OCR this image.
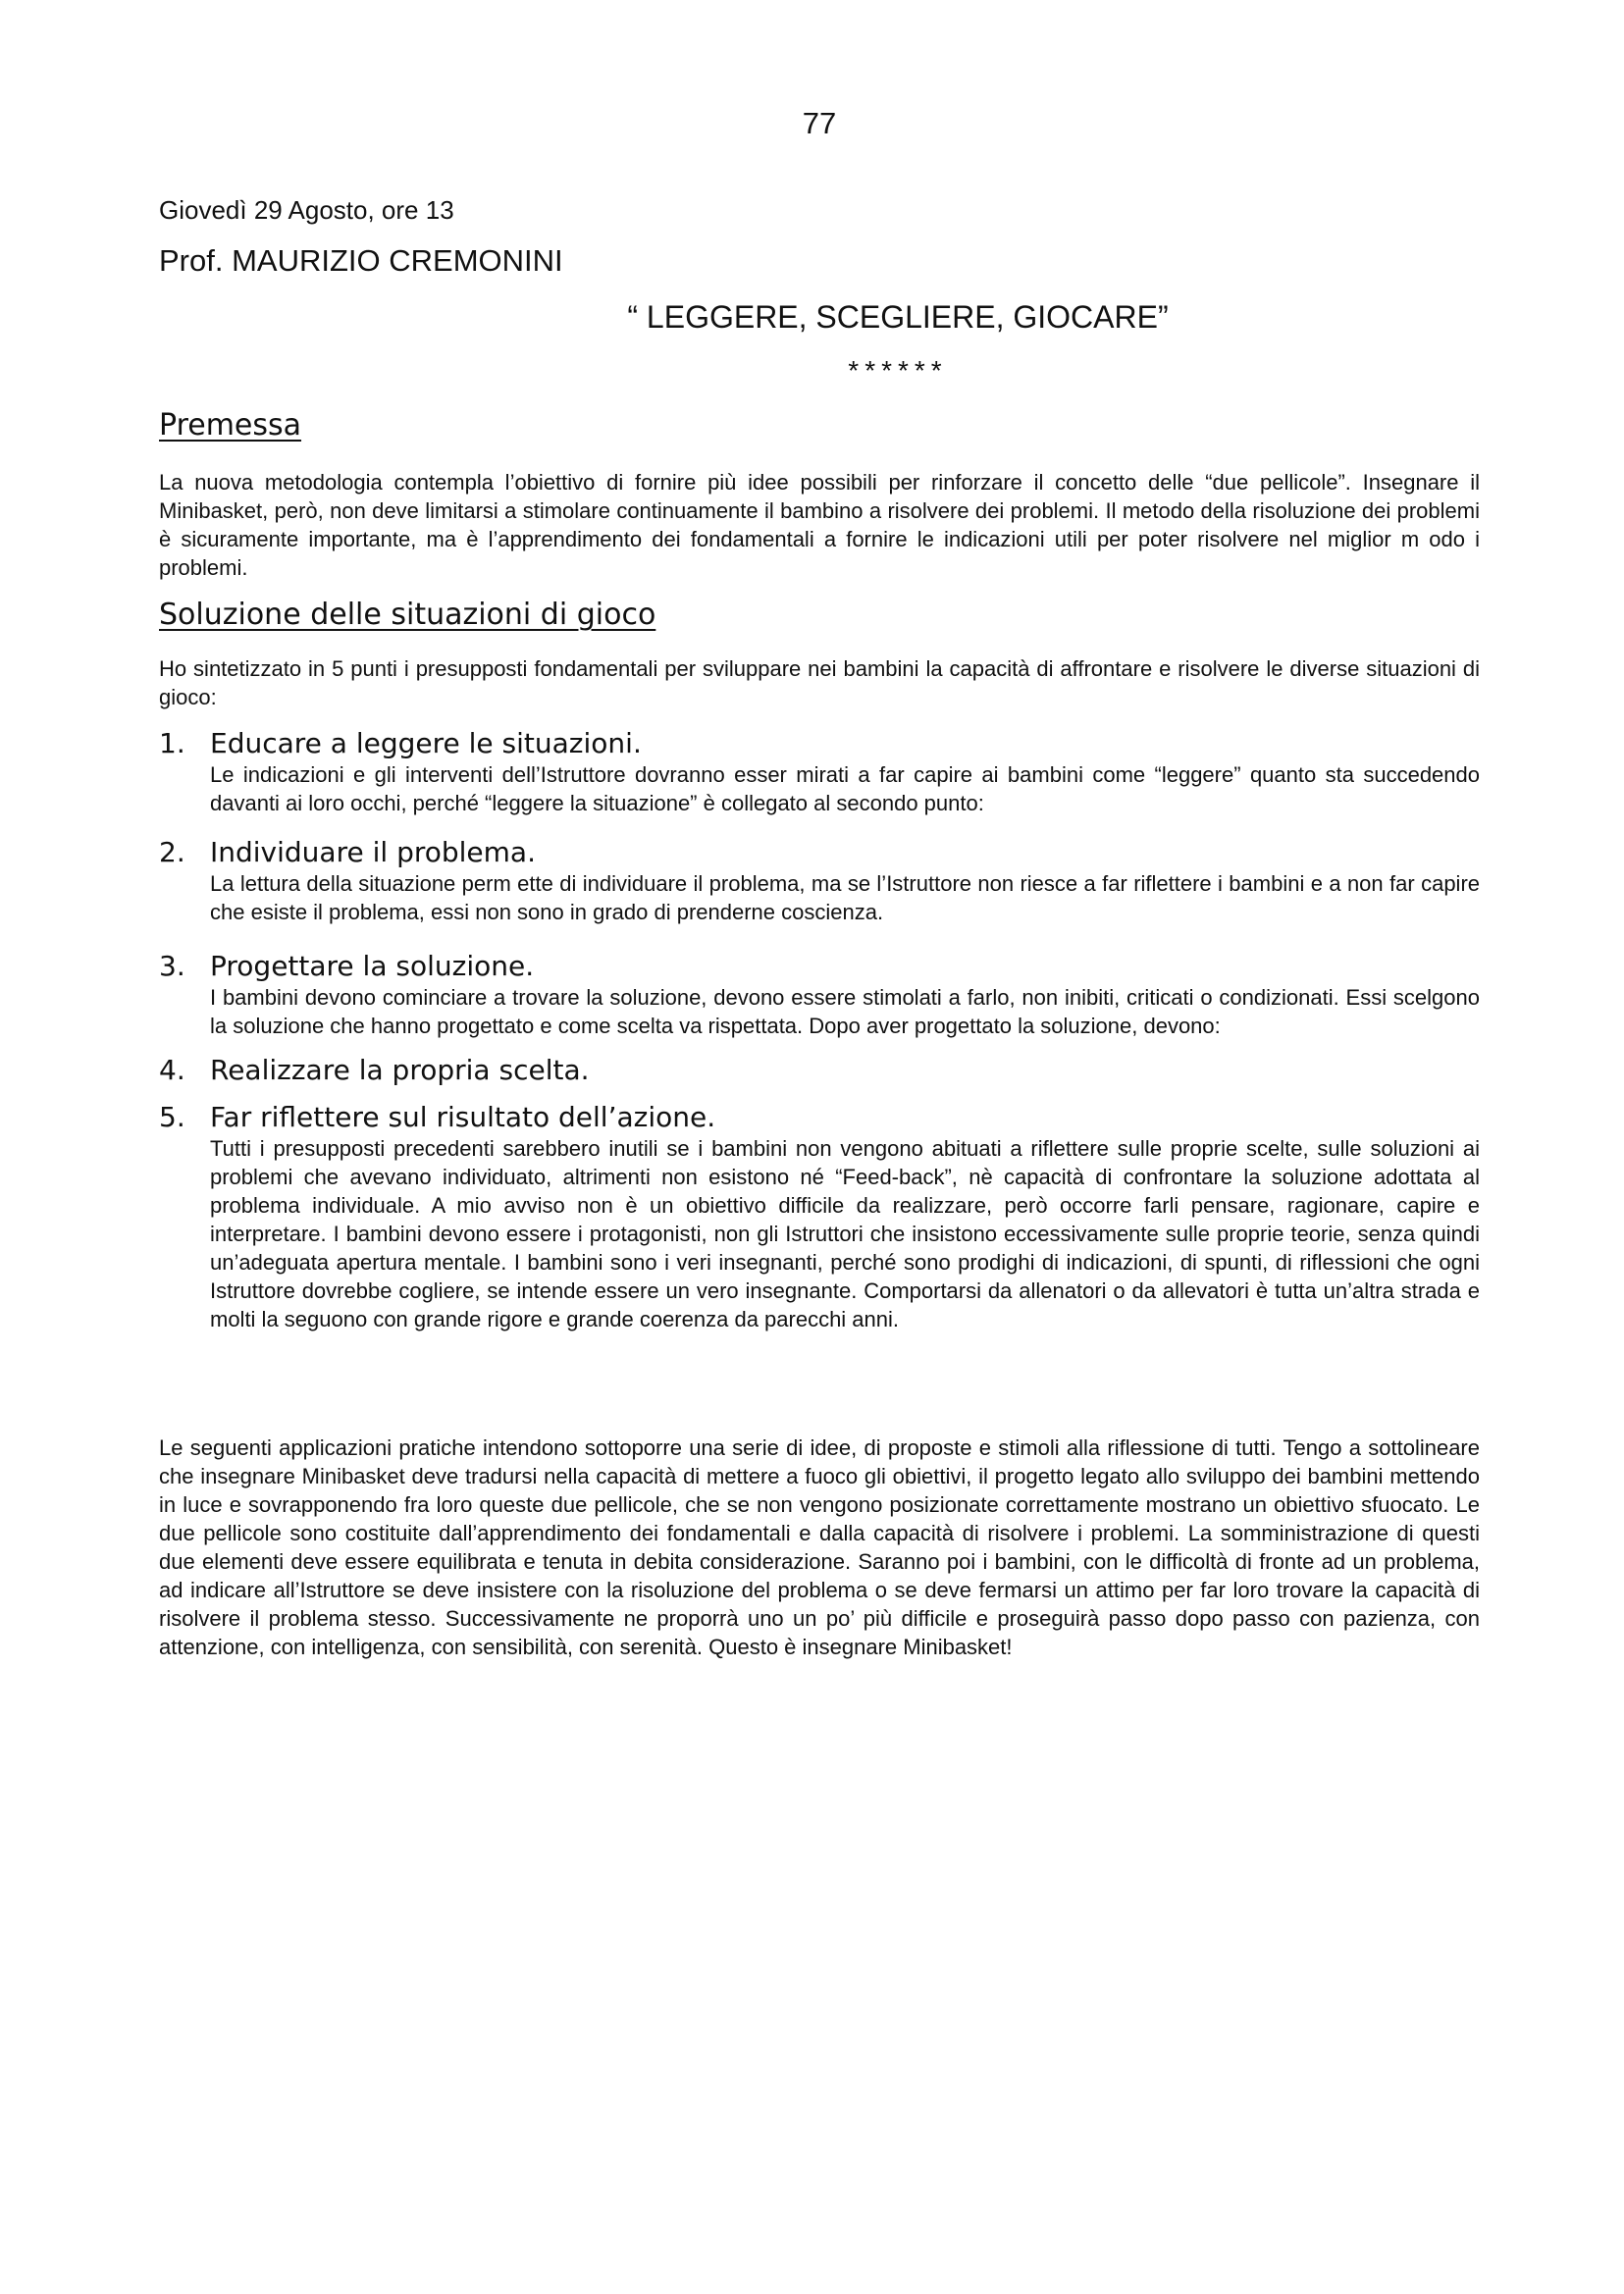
77
Giovedì 29 Agosto, ore 13
Prof. MAURIZIO CREMONINI
“ LEGGERE, SCEGLIERE, GIOCARE”
******
Premessa

La nuova metodologia contempla l’obiettivo di fornire più idee possibili per rinforzare il concetto delle “due pellicole”. Insegnare il Minibasket, però, non deve limitarsi a stimolare continuamente il bambino a risolvere dei problemi. Il metodo della risoluzione dei problemi è sicuramente importante, ma è l’apprendimento dei fondamentali a fornire le indicazioni utili per poter risolvere nel miglior m odo i problemi.

Soluzione delle situazioni di gioco

Ho sintetizzato in 5 punti i presupposti fondamentali per sviluppare nei bambini la capacità di affrontare e risolvere le diverse situazioni di gioco:

1. Educare a leggere le situazioni.
Le indicazioni e gli interventi dell’Istruttore dovranno esser mirati a far capire ai bambini come “leggere” quanto sta succedendo davanti ai loro occhi, perché “leggere la situazione” è collegato al secondo punto:
2. Individuare il problema.
La lettura della situazione perm ette di individuare il problema, ma se l’Istruttore non riesce a far riflettere i bambini e a non far capire che esiste il problema, essi non sono in grado di prenderne coscienza.
3. Progettare la soluzione.
I bambini devono cominciare a trovare la soluzione, devono essere stimolati a farlo, non inibiti, criticati o condizionati. Essi scelgono la soluzione che hanno progettato e come scelta va rispettata. Dopo aver progettato la soluzione, devono:
4. Realizzare la propria scelta.
5. Far riflettere sul risultato dell’azione.
Tutti i presupposti precedenti sarebbero inutili se i bambini non vengono abituati a riflettere sulle proprie scelte, sulle soluzioni ai problemi che avevano individuato, altrimenti non esistono né “Feed-back”, nè capacità di confrontare la soluzione adottata al problema individuale. A mio avviso non è un obiettivo difficile da realizzare, però occorre farli pensare, ragionare, capire e interpretare. I bambini devono essere i protagonisti, non gli Istruttori che insistono eccessivamente sulle proprie teorie, senza quindi un’adeguata apertura mentale. I bambini sono i veri insegnanti, perché sono prodighi di indicazioni, di spunti, di riflessioni che ogni Istruttore dovrebbe cogliere, se intende essere un vero insegnante. Comportarsi da allenatori o da allevatori è tutta un’altra strada e molti la seguono con grande rigore e grande coerenza da parecchi anni.

Le seguenti applicazioni pratiche intendono sottoporre una serie di idee, di proposte e stimoli alla riflessione di tutti. Tengo a sottolineare che insegnare Minibasket deve tradursi nella capacità di mettere a fuoco gli obiettivi, il progetto legato allo sviluppo dei bambini mettendo in luce e sovrapponendo fra loro queste due pellicole, che se non vengono posizionate correttamente mostrano un obiettivo sfuocato. Le due pellicole sono costituite dall’apprendimento dei fondamentali e dalla capacità di risolvere i problemi. La somministrazione di questi due elementi deve essere equilibrata e tenuta in debita considerazione. Saranno poi i bambini, con le difficoltà di fronte ad un problema, ad indicare all’Istruttore se deve insistere con la risoluzione del problema o se deve fermarsi un attimo per far loro trovare la capacità di risolvere il problema stesso. Successivamente ne proporrà uno un po’ più difficile e proseguirà passo dopo passo con pazienza, con attenzione, con intelligenza, con sensibilità, con serenità. Questo è insegnare Minibasket!
